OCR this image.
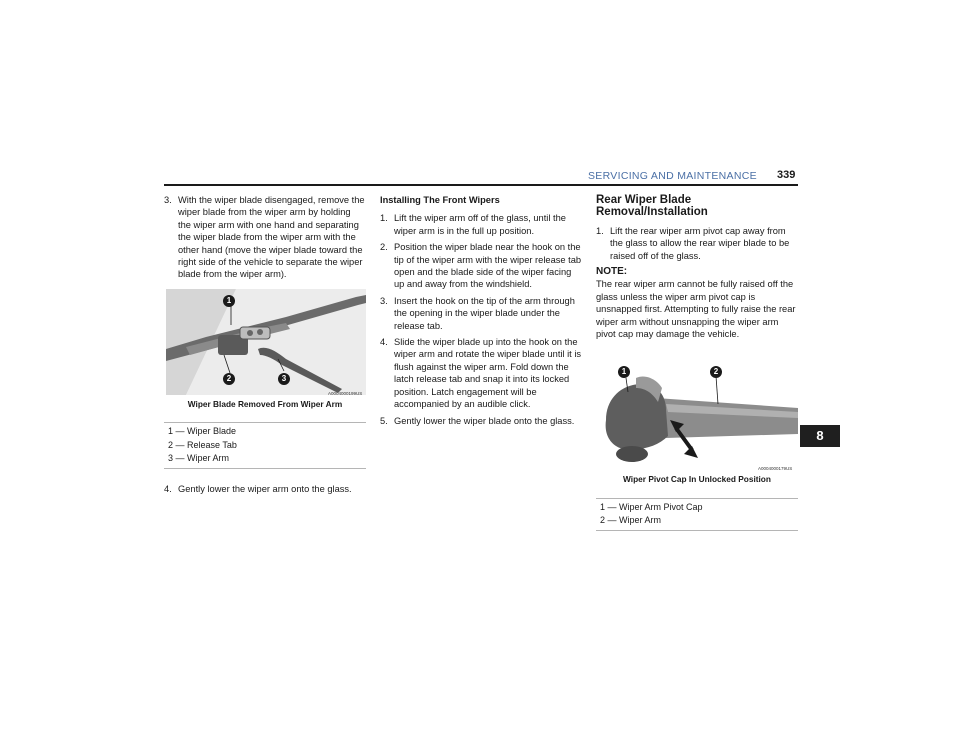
SERVICING AND MAINTENANCE 339
3. With the wiper blade disengaged, remove the wiper blade from the wiper arm by holding the wiper arm with one hand and separating the wiper blade from the wiper arm with the other hand (move the wiper blade toward the right side of the vehicle to separate the wiper blade from the wiper arm).
1
2	3
A0004000199US
Wiper Blade Removed From Wiper Arm
1 — Wiper Blade
2 — Release Tab
3 — Wiper Arm
4. Gently lower the wiper arm onto the glass.
Installing The Front Wipers
1. Lift the wiper arm off of the glass, until the wiper arm is in the full up position.
2. Position the wiper blade near the hook on the tip of the wiper arm with the wiper release tab open and the blade side of the wiper facing up and away from the windshield.
3. Insert the hook on the tip of the arm through the opening in the wiper blade under the release tab.
4. Slide the wiper blade up into the hook on the wiper arm and rotate the wiper blade until it is flush against the wiper arm. Fold down the latch release tab and snap it into its locked position. Latch engagement will be accompanied by an audible click.
5. Gently lower the wiper blade onto the glass.
Rear Wiper Blade Removal/Installation
1. Lift the rear wiper arm pivot cap away from the glass to allow the rear wiper blade to be raised off of the glass.
NOTE:
The rear wiper arm cannot be fully raised off the glass unless the wiper arm pivot cap is unsnapped first. Attempting to fully raise the rear wiper arm without unsnapping the wiper arm pivot cap may damage the vehicle.
1	2
A0004000179US
Wiper Pivot Cap In Unlocked Position
1 — Wiper Arm Pivot Cap
2 — Wiper Arm
8
